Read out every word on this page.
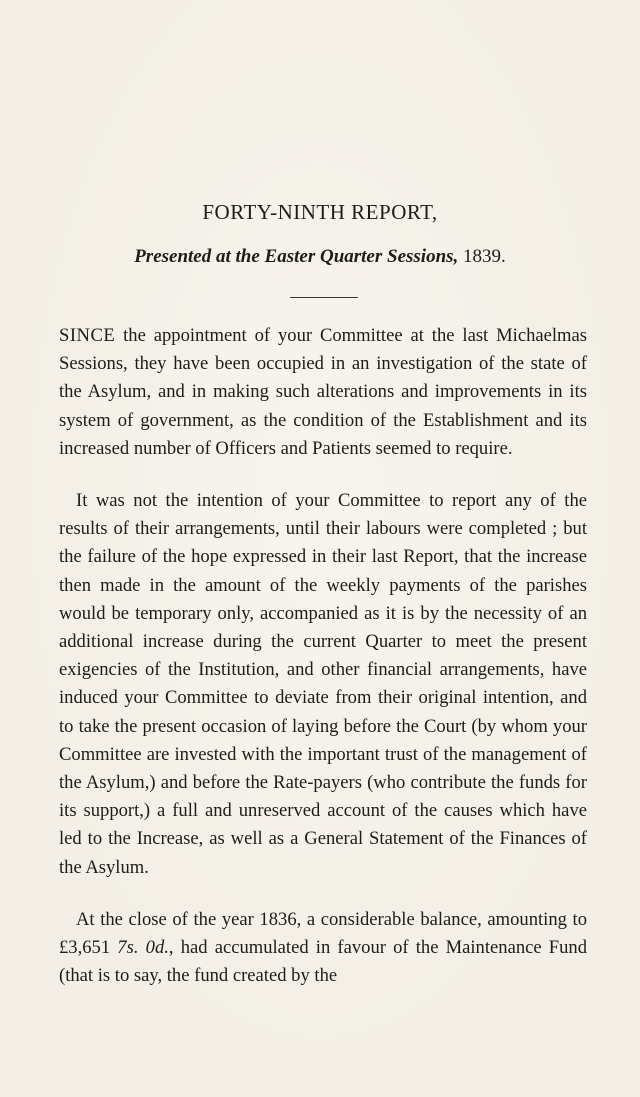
FORTY-NINTH REPORT,

Presented at the Easter Quarter Sessions, 1839.

SINCE the appointment of your Committee at the last Michaelmas Sessions, they have been occupied in an investigation of the state of the Asylum, and in making such alterations and improvements in its system of government, as the condition of the Establishment and its increased number of Officers and Patients seemed to require.

It was not the intention of your Committee to report any of the results of their arrangements, until their labours were completed ; but the failure of the hope expressed in their last Report, that the increase then made in the amount of the weekly payments of the parishes would be temporary only, accompanied as it is by the necessity of an additional increase during the current Quarter to meet the present exigencies of the Institution, and other financial arrangements, have induced your Committee to deviate from their original intention, and to take the present occasion of laying before the Court (by whom your Committee are invested with the important trust of the management of the Asylum,) and before the Rate-payers (who contribute the funds for its support,) a full and unreserved account of the causes which have led to the Increase, as well as a General Statement of the Finances of the Asylum.

At the close of the year 1836, a considerable balance, amounting to £3,651 7s. 0d., had accumulated in favour of the Maintenance Fund (that is to say, the fund created by the
